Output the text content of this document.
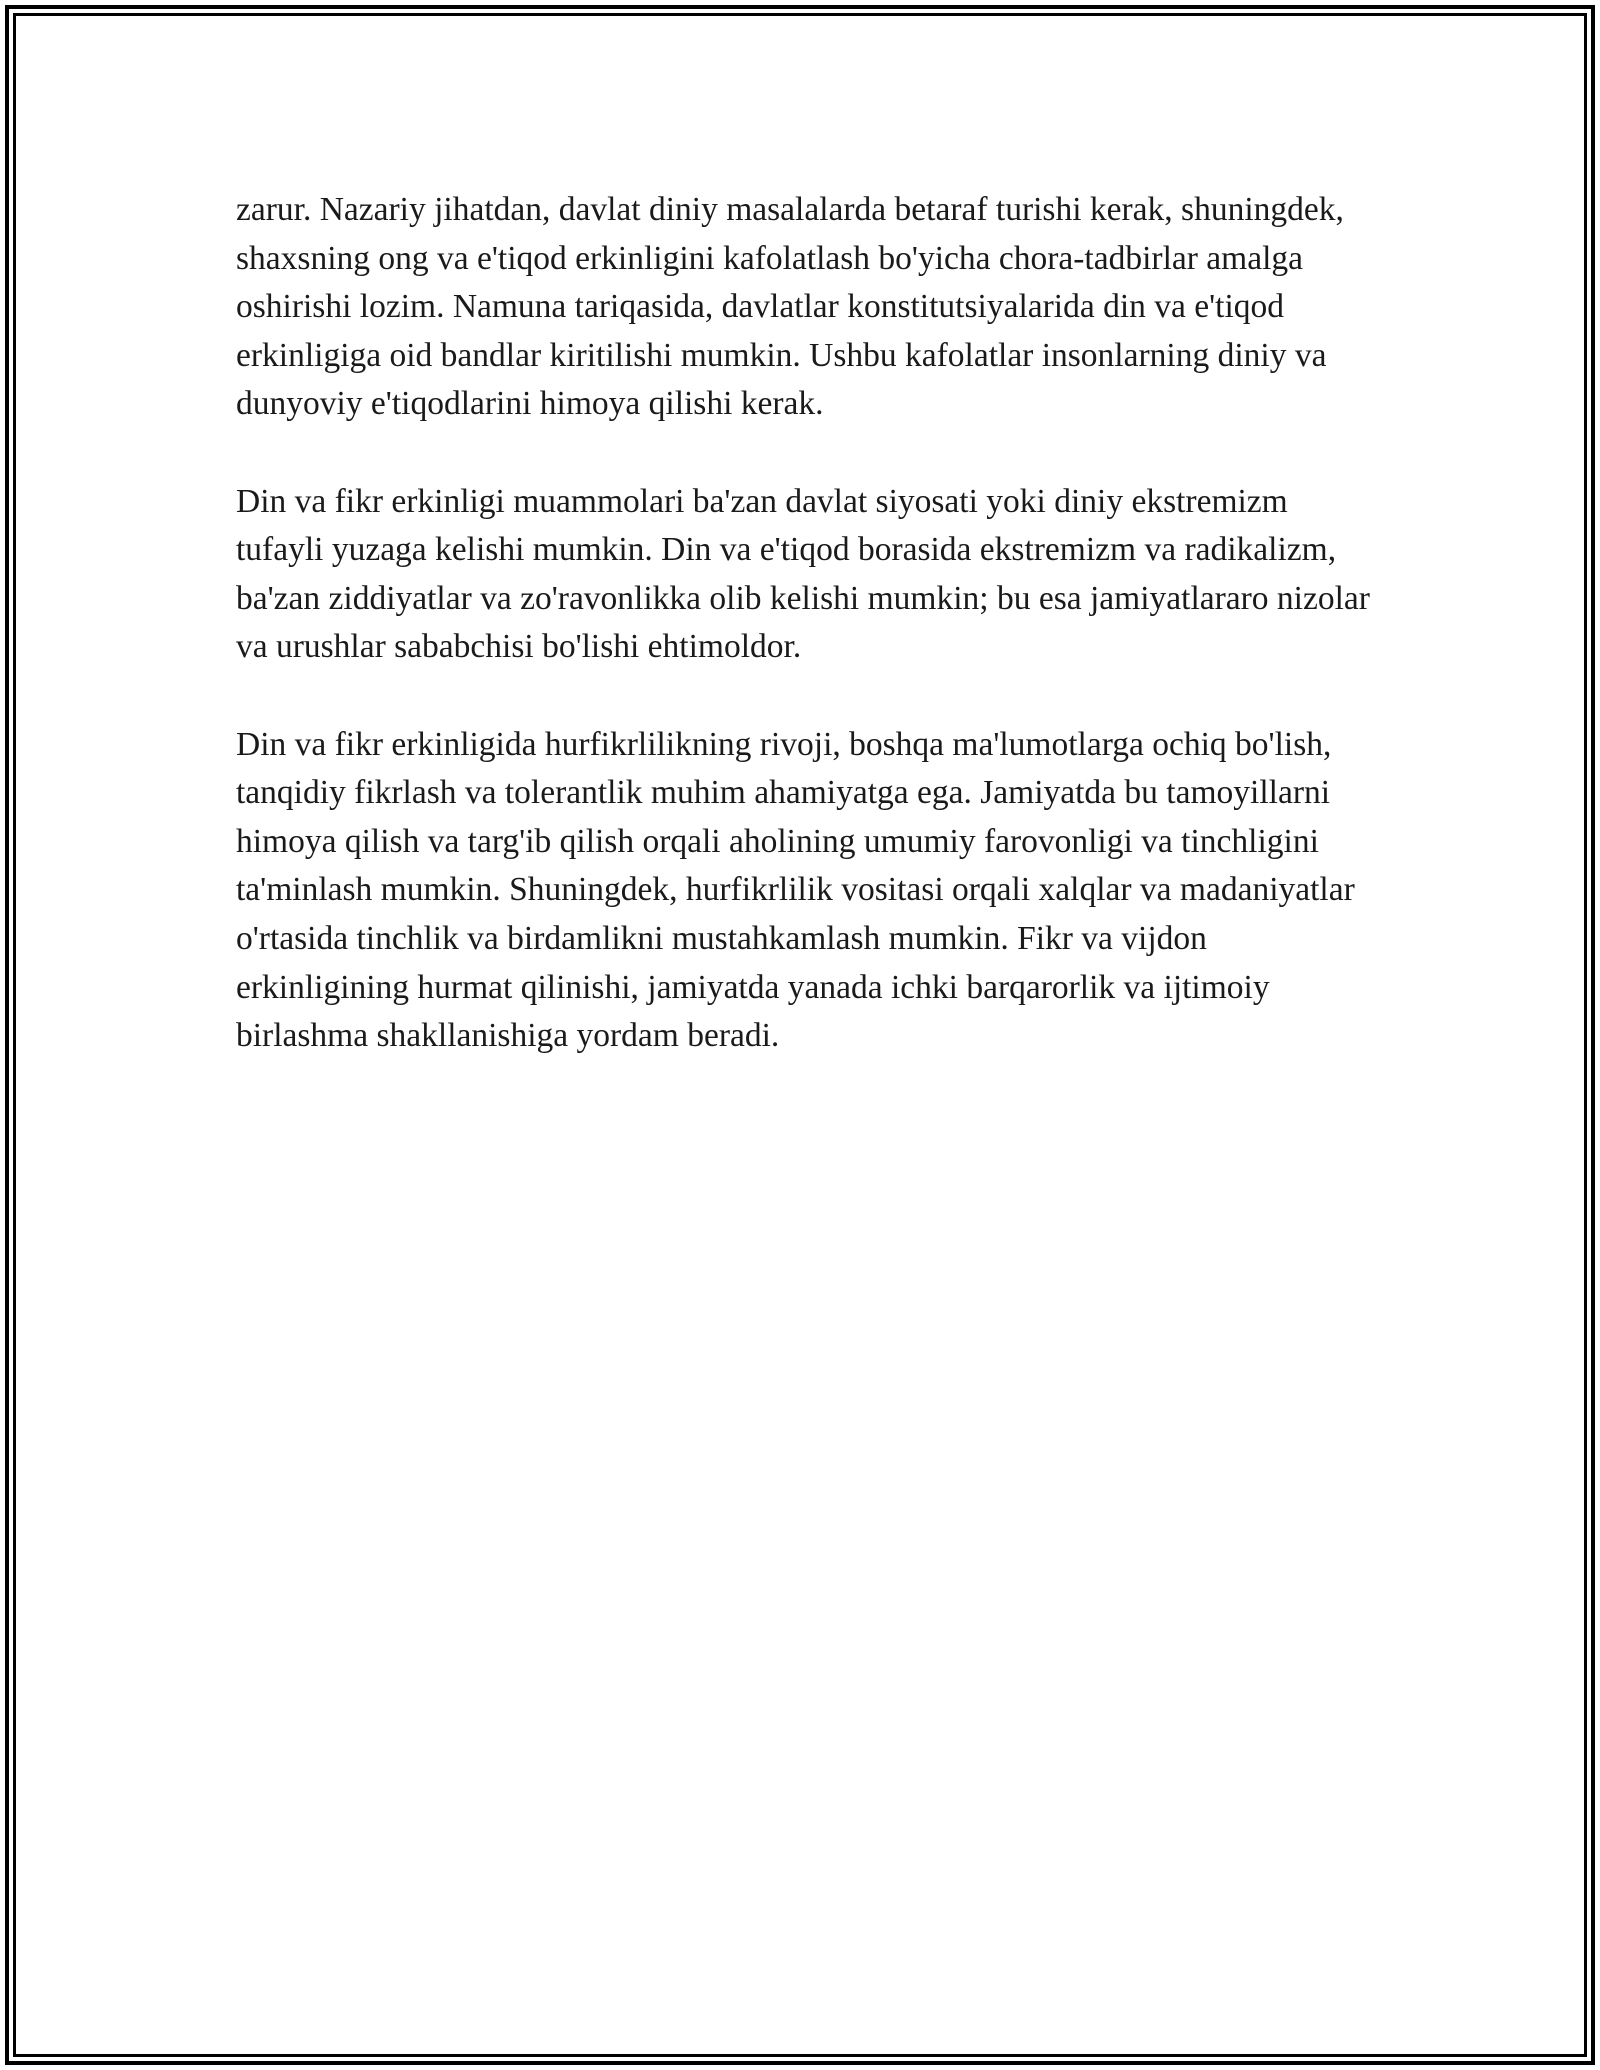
zarur. Nazariy jihatdan, davlat diniy masalalarda betaraf turishi kerak, shuningdek, shaxsning ong va e'tiqod erkinligini kafolatlash bo'yicha chora-tadbirlar amalga oshirishi lozim. Namuna tariqasida, davlatlar konstitutsiyalarida din va e'tiqod erkinligiga oid bandlar kiritilishi mumkin. Ushbu kafolatlar insonlarning diniy va dunyoviy e'tiqodlarini himoya qilishi kerak.

Din va fikr erkinligi muammolari ba'zan davlat siyosati yoki diniy ekstremizm tufayli yuzaga kelishi mumkin. Din va e'tiqod borasida ekstremizm va radikalizm, ba'zan ziddiyatlar va zo'ravonlikka olib kelishi mumkin; bu esa jamiyatlararo nizolar va urushlar sababchisi bo'lishi ehtimoldor.

Din va fikr erkinligida hurfikrlilikning rivoji, boshqa ma'lumotlarga ochiq bo'lish, tanqidiy fikrlash va tolerantlik muhim ahamiyatga ega. Jamiyatda bu tamoyillarni himoya qilish va targ'ib qilish orqali aholining umumiy farovonligi va tinchligini ta'minlash mumkin. Shuningdek, hurfikrlilik vositasi orqali xalqlar va madaniyatlar o'rtasida tinchlik va birdamlikni mustahkamlash mumkin. Fikr va vijdon erkinligining hurmat qilinishi, jamiyatda yanada ichki barqarorlik va ijtimoiy birlashma shakllanishiga yordam beradi.
